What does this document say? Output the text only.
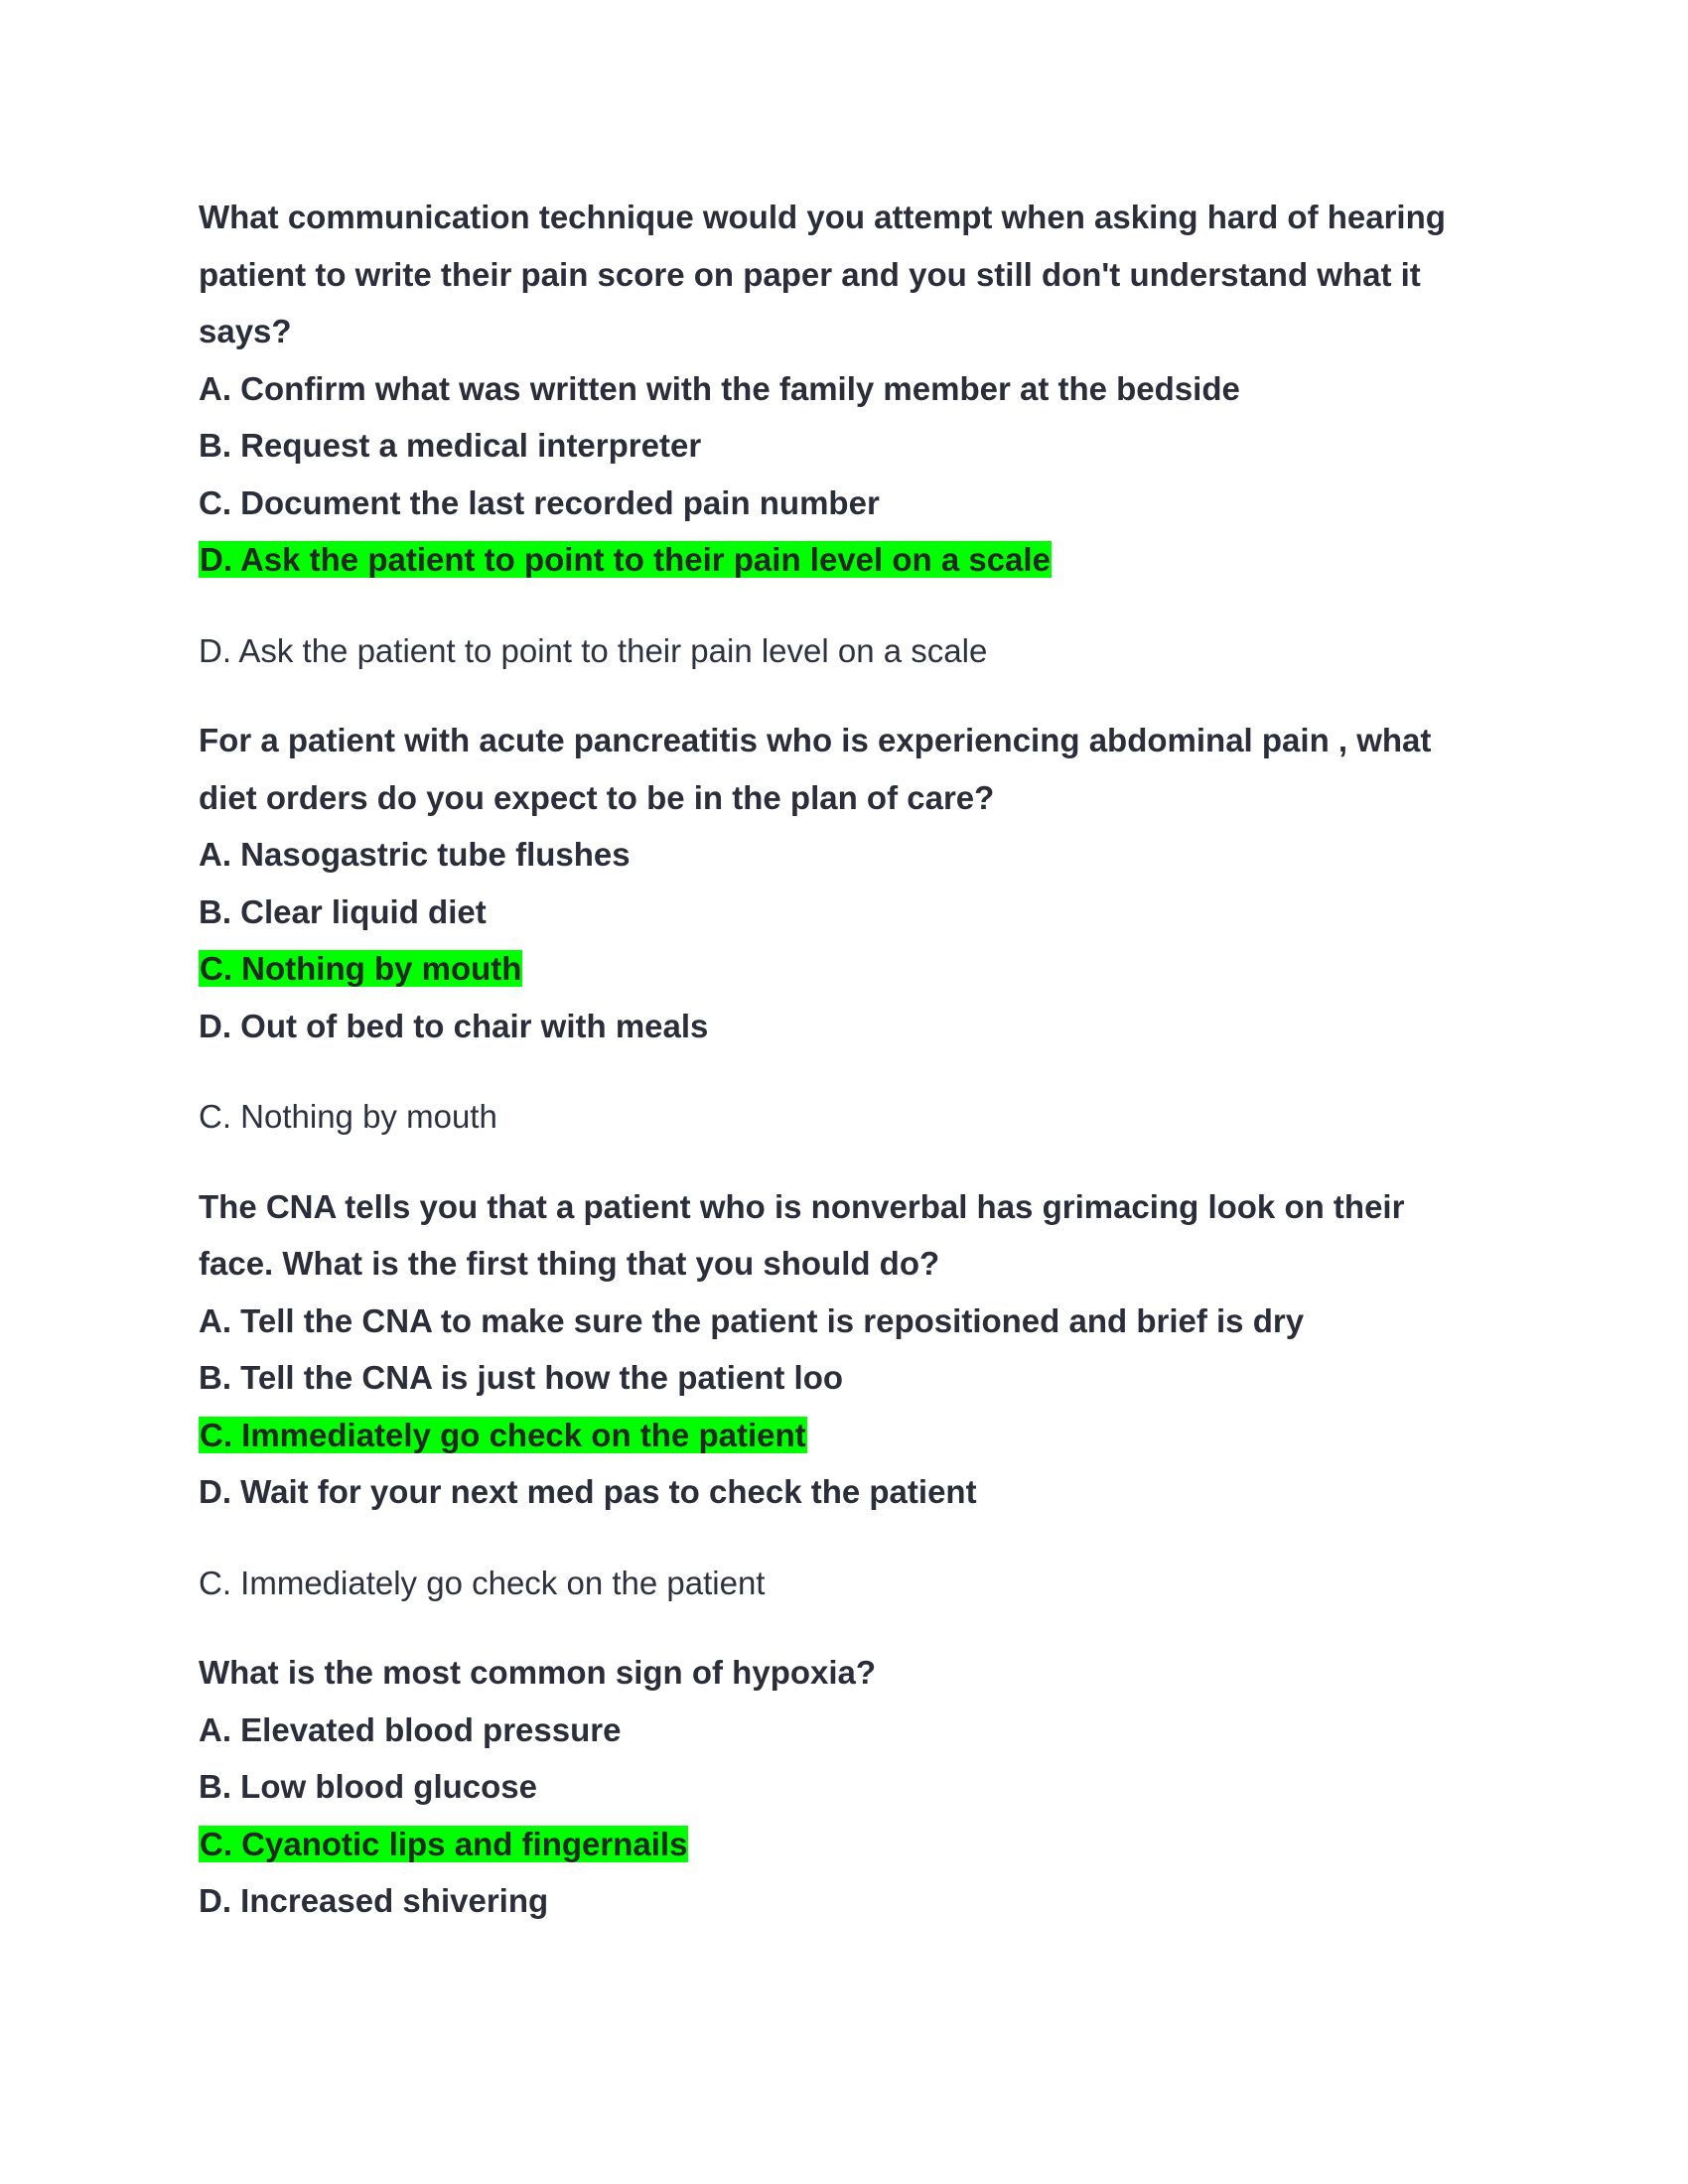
What communication technique would you attempt when asking hard of hearing
patient to write their pain score on paper and you still don't understand what it
says?
A. Confirm what was written with the family member at the bedside
B. Request a medical interpreter
C. Document the last recorded pain number
D. Ask the patient to point to their pain level on a scale
D. Ask the patient to point to their pain level on a scale
For a patient with acute pancreatitis who is experiencing abdominal pain , what
diet orders do you expect to be in the plan of care?
A. Nasogastric tube flushes
B. Clear liquid diet
C. Nothing by mouth
D. Out of bed to chair with meals
C. Nothing by mouth
The CNA tells you that a patient who is nonverbal has grimacing look on their
face. What is the first thing that you should do?
A. Tell the CNA to make sure the patient is repositioned and brief is dry
B. Tell the CNA is just how the patient loo
C. Immediately go check on the patient
D. Wait for your next med pas to check the patient
C. Immediately go check on the patient
What is the most common sign of hypoxia?
A. Elevated blood pressure
B. Low blood glucose
C. Cyanotic lips and fingernails
D. Increased shivering
